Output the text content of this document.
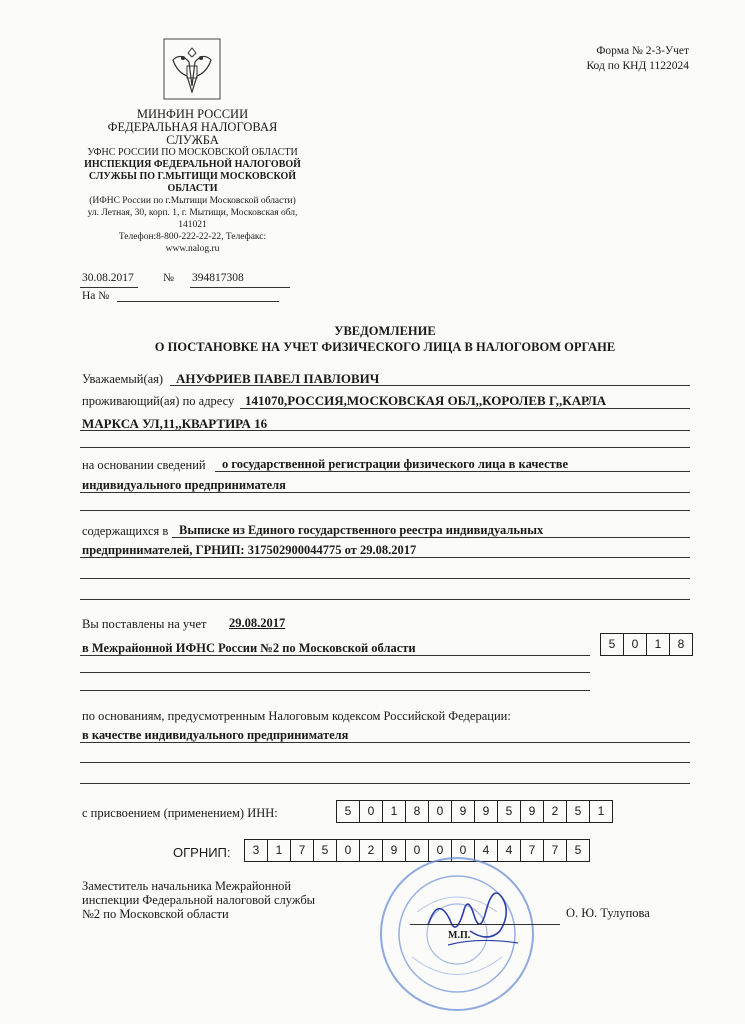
Форма № 2-3-Учет
Код по КНД 1122024
МИНФИН РОССИИ
ФЕДЕРАЛЬНАЯ НАЛОГОВАЯ СЛУЖБА
УФНС РОССИИ ПО МОСКОВСКОЙ ОБЛАСТИ
ИНСПЕКЦИЯ ФЕДЕРАЛЬНОЙ НАЛОГОВОЙ
СЛУЖБЫ ПО Г.МЫТИЩИ МОСКОВСКОЙ
ОБЛАСТИ
(ИФНС России по г.Мытищи Московской области)
ул. Летная, 30, корп. 1, г. Мытищи, Московская обл,
141021
Телефон:8-800-222-22-22, Телефакс:
www.nalog.ru
30.08.2017	№ 394817308
На №
УВЕДОМЛЕНИЕ
О ПОСТАНОВКЕ НА УЧЕТ ФИЗИЧЕСКОГО ЛИЦА В НАЛОГОВОМ ОРГАНЕ
Уважаемый(ая) АНУФРИЕВ ПАВЕЛ ПАВЛОВИЧ
проживающий(ая) по адресу 141070,РОССИЯ,МОСКОВСКАЯ ОБЛ,,КОРОЛЕВ Г,,КАРЛА
МАРКСА УЛ,11,,КВАРТИРА 16
на основании сведений о государственной регистрации физического лица в качестве
индивидуального предпринимателя
содержащихся в Выписке из Единого государственного реестра индивидуальных
предпринимателей, ГРНИП: 317502900044775 от 29.08.2017
Вы поставлены на учет 29.08.2017
в Межрайонной ИФНС России №2 по Московской области	5	0	1	8
по основаниям, предусмотренным Налоговым кодексом Российской Федерации:
в качестве индивидуального предпринимателя
с присвоением (применением) ИНН:	5	0	1	8	0	9	9	5	9	2	5	1
ОГРНИП:	3	1	7	5	0	2	9	0	0	0	4	4	7	7	5
Заместитель начальника Межрайонной
инспекции Федеральной налоговой службы
№2 по Московской области
М.П.
О. Ю. Тулупова
